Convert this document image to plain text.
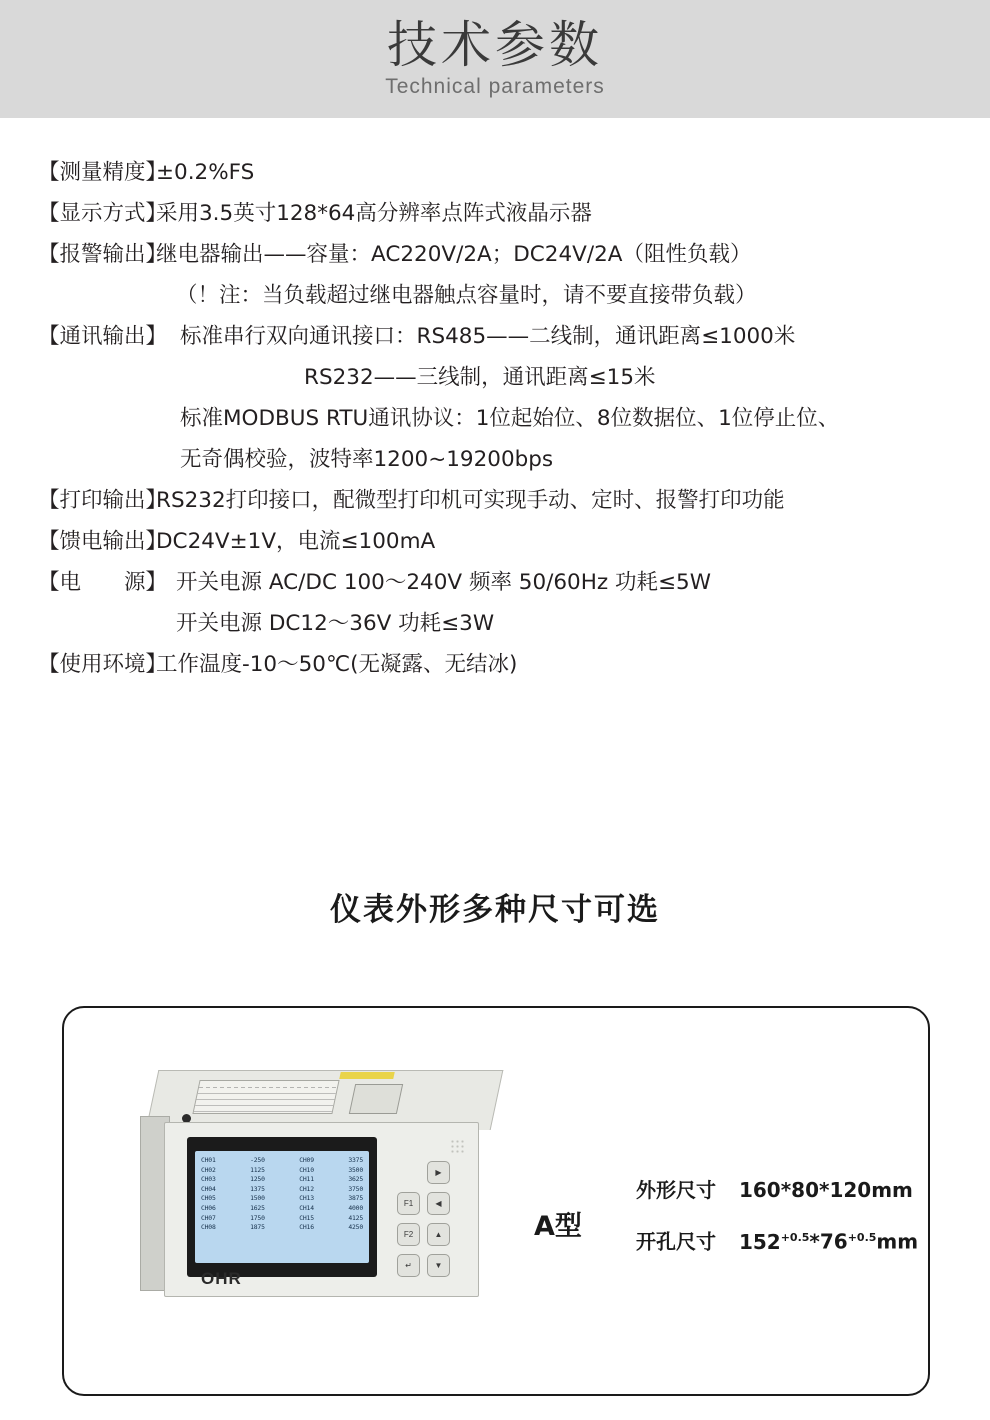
技术参数
Technical parameters
【测量精度】
±0.2%FS
【显示方式】
采用3.5英寸128*64高分辨率点阵式液晶示器
【报警输出】
继电器输出——容量：AC220V/2A；DC24V/2A（阻性负载）
（！注：当负载超过继电器触点容量时，请不要直接带负载）
【通讯输出】 标准串行双向通讯接口：RS485——二线制，通讯距离≤1000米
RS232——三线制，通讯距离≤15米
标准MODBUS RTU通讯协议：1位起始位、8位数据位、1位停止位、
无奇偶校验，波特率1200~19200bps
【打印输出】
RS232打印接口，配微型打印机可实现手动、定时、报警打印功能
【馈电输出】
DC24V±1V，电流≤100mA
【电　　源】 开关电源 AC/DC 100～240V 频率 50/60Hz 功耗≤5W
开关电源 DC12～36V 功耗≤3W
【使用环境】
工作温度-10～50℃(无凝露、无结冰)
仪表外形多种尺寸可选
CH01	-250	CH09	3375
CH02	1125	CH10	3500
CH03	1250	CH11	3625
CH04	1375	CH12	3750
CH05	1500	CH13	3875
CH06	1625	CH14	4000
CH07	1750	CH15	4125
CH08	1875	CH16	4250
OHR
▶
◀
F1
F2	▲
↵	▼
A型
外形尺寸 160*80*120mm
开孔尺寸 $152^{+0.5}*76^{+0.5}mm$
